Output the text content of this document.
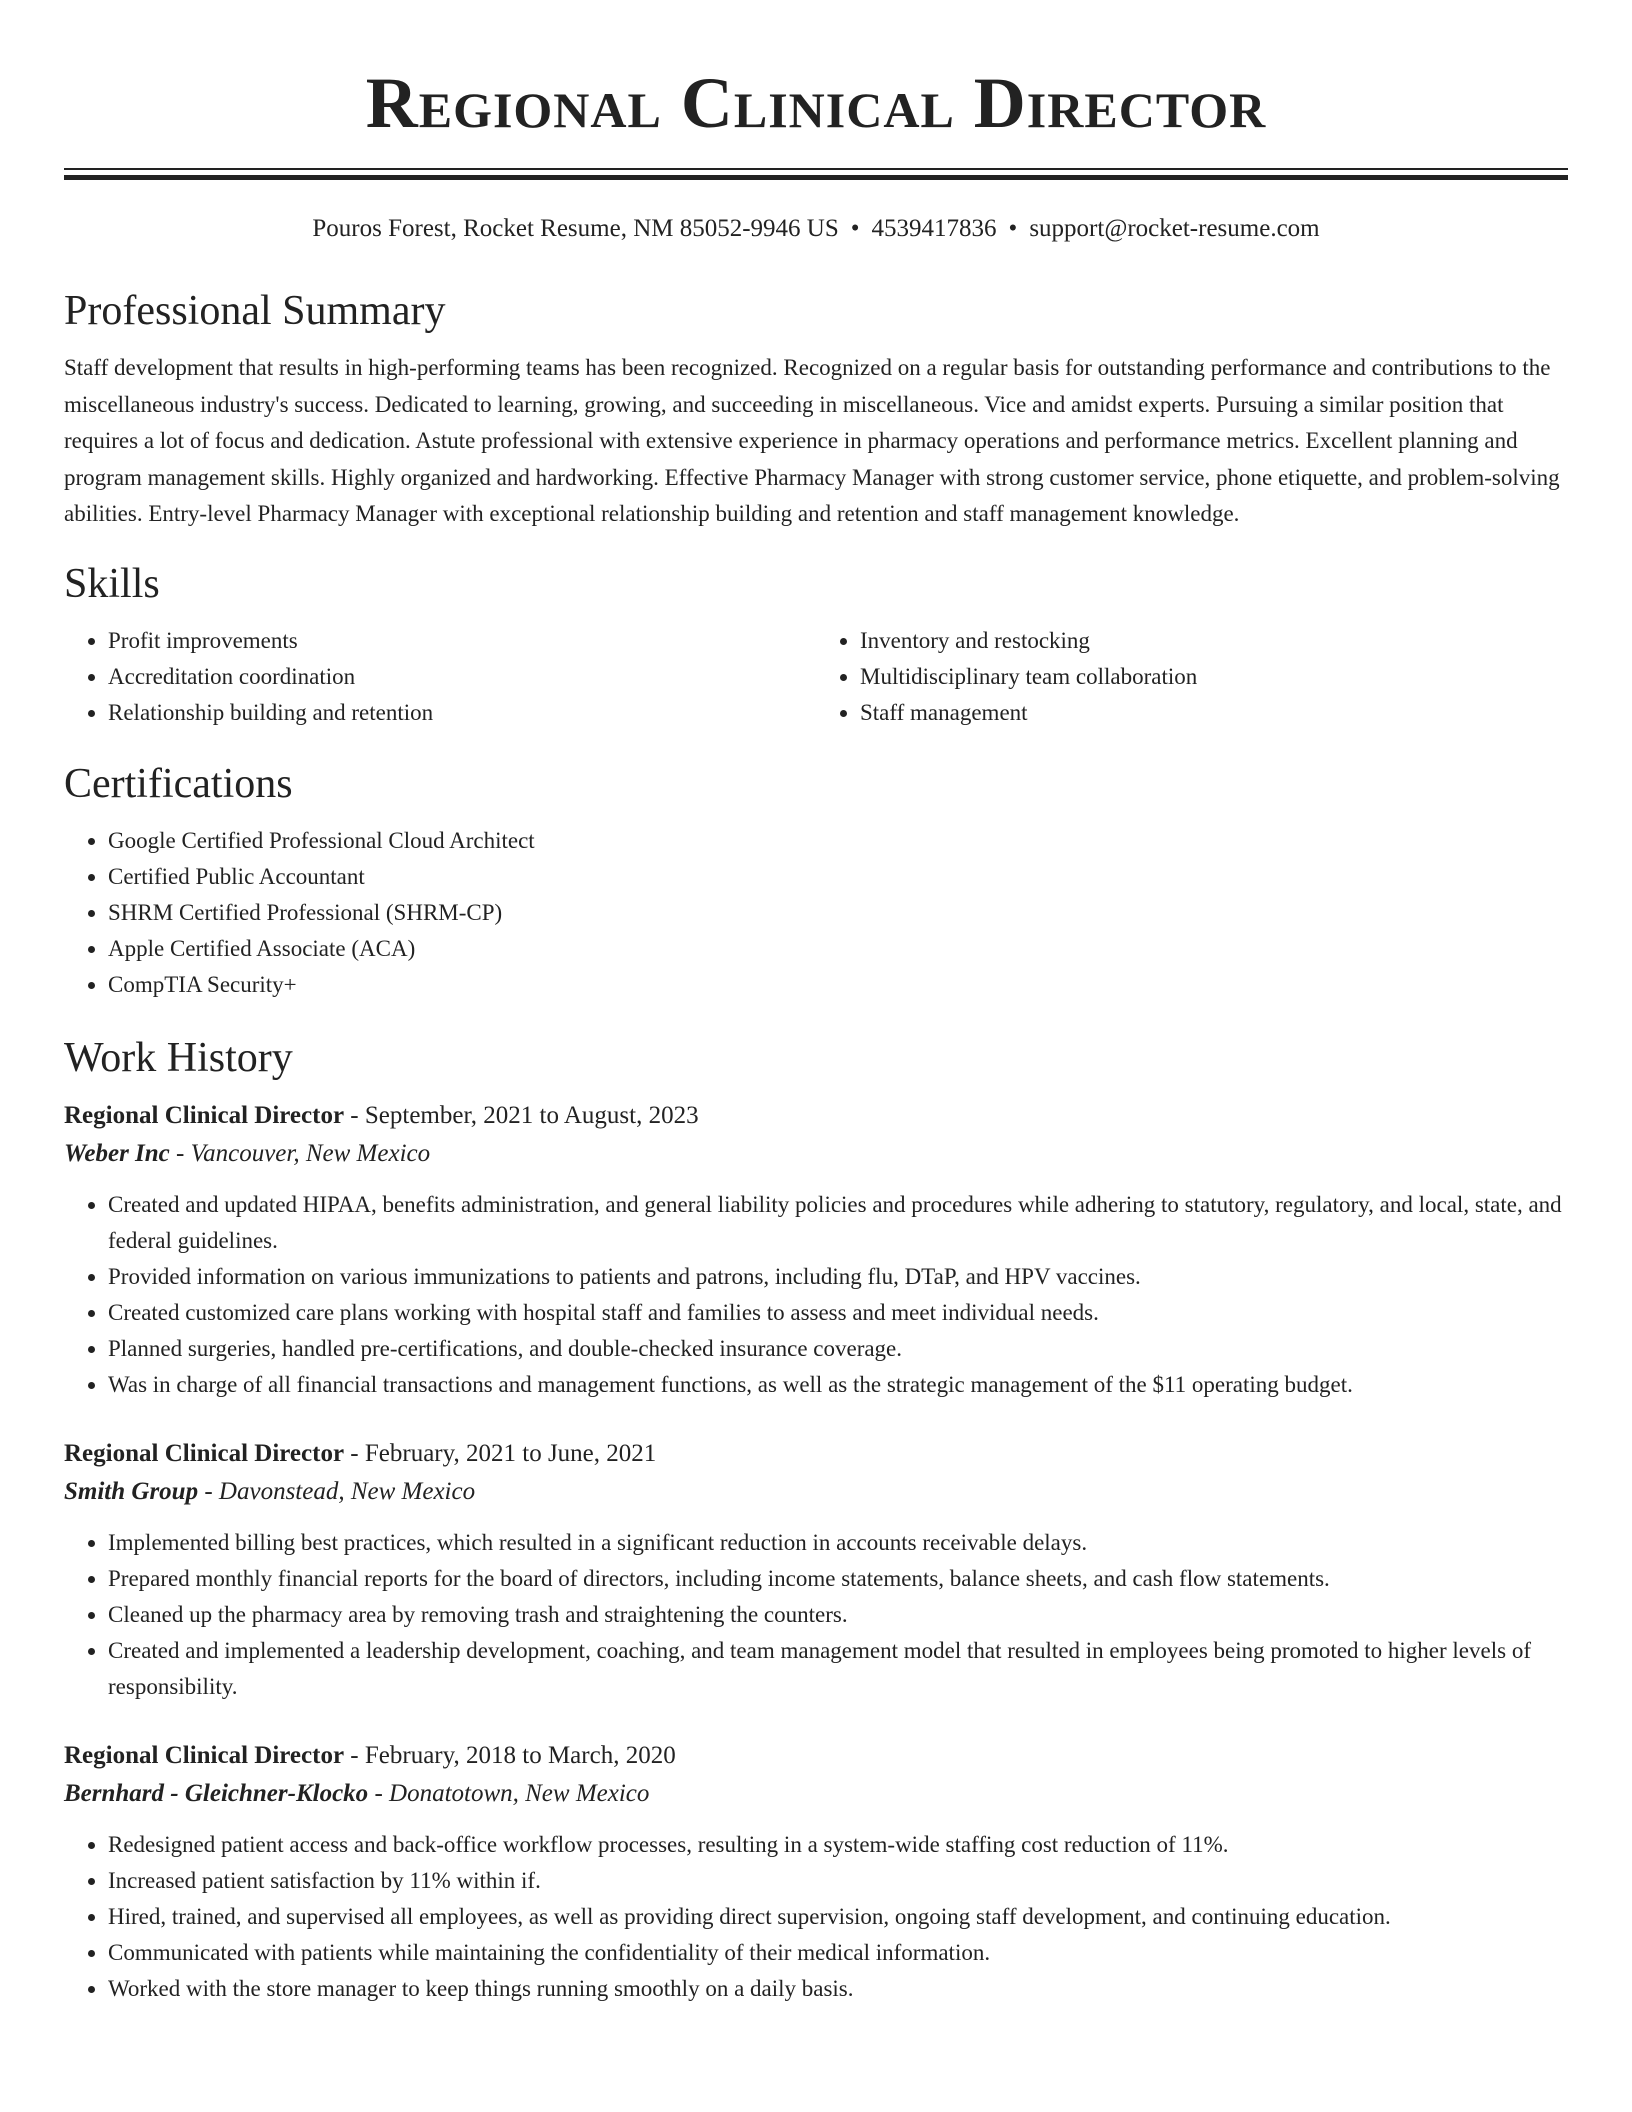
Regional Clinical Director
Pouros Forest, Rocket Resume, NM 85052-9946 US • 4539417836 • support@rocket-resume.com
Professional Summary

Staff development that results in high-performing teams has been recognized. Recognized on a regular basis for outstanding performance and contributions to the miscellaneous industry's success. Dedicated to learning, growing, and succeeding in miscellaneous. Vice and amidst experts. Pursuing a similar position that requires a lot of focus and dedication. Astute professional with extensive experience in pharmacy operations and performance metrics. Excellent planning and program management skills. Highly organized and hardworking. Effective Pharmacy Manager with strong customer service, phone etiquette, and problem-solving abilities. Entry-level Pharmacy Manager with exceptional relationship building and retention and staff management knowledge.

Skills
• Profit improvements
• Accreditation coordination
• Relationship building and retention
• Inventory and restocking
• Multidisciplinary team collaboration
• Staff management
Certifications
• Google Certified Professional Cloud Architect
• Certified Public Accountant
• SHRM Certified Professional (SHRM-CP)
• Apple Certified Associate (ACA)
• CompTIA Security+
Work History
Regional Clinical Director - September, 2021 to August, 2023
Weber Inc - Vancouver, New Mexico
• Created and updated HIPAA, benefits administration, and general liability policies and procedures while adhering to statutory, regulatory, and local, state, and federal guidelines.
• Provided information on various immunizations to patients and patrons, including flu, DTaP, and HPV vaccines.
• Created customized care plans working with hospital staff and families to assess and meet individual needs.
• Planned surgeries, handled pre-certifications, and double-checked insurance coverage.
• Was in charge of all financial transactions and management functions, as well as the strategic management of the $11 operating budget.
Regional Clinical Director - February, 2021 to June, 2021
Smith Group - Davonstead, New Mexico
• Implemented billing best practices, which resulted in a significant reduction in accounts receivable delays.
• Prepared monthly financial reports for the board of directors, including income statements, balance sheets, and cash flow statements.
• Cleaned up the pharmacy area by removing trash and straightening the counters.
• Created and implemented a leadership development, coaching, and team management model that resulted in employees being promoted to higher levels of responsibility.
Regional Clinical Director - February, 2018 to March, 2020
Bernhard - Gleichner-Klocko - Donatotown, New Mexico
• Redesigned patient access and back-office workflow processes, resulting in a system-wide staffing cost reduction of 11%.
• Increased patient satisfaction by 11% within if.
• Hired, trained, and supervised all employees, as well as providing direct supervision, ongoing staff development, and continuing education.
• Communicated with patients while maintaining the confidentiality of their medical information.
• Worked with the store manager to keep things running smoothly on a daily basis.
